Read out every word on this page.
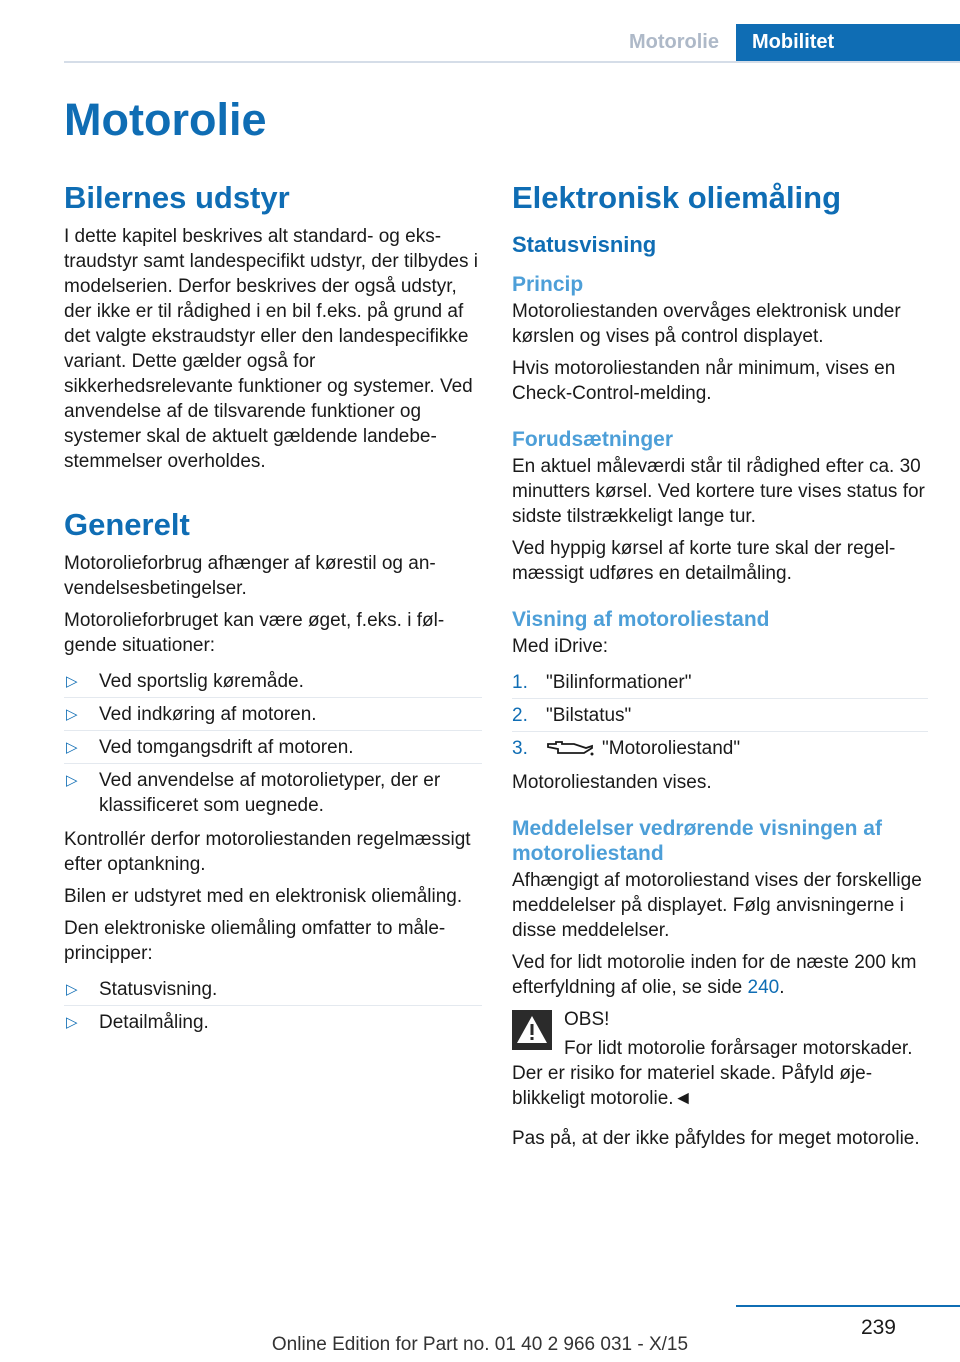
Motorolie	Mobilitet
Motorolie
Bilernes udstyr

I dette kapitel beskrives alt standard- og ekstraudstyr samt landespecifikt udstyr, der tilbydes i modelserien. Derfor beskrives der også udstyr, der ikke er til rådighed i en bil f.eks. på grund af det valgte ekstraudstyr eller den landespecifikke variant. Dette gælder også for sikkerhedsrelevante funktioner og systemer. Ved anvendelse af de tilsvarende funktioner og systemer skal de aktuelt gældende landebestemmelser overholdes.

Generelt

Motorolieforbrug afhænger af kørestil og anvendelsesbetingelser.

Motorolieforbruget kan være øget, f.eks. i følgende situationer:

▷ Ved sportslig køremåde.
▷ Ved indkøring af motoren.
▷ Ved tomgangsdrift af motoren.
▷ Ved anvendelse af motorolietyper, der er klassificeret som uegnede.

Kontrollér derfor motoroliestanden regelmæssigt efter optankning.

Bilen er udstyret med en elektronisk oliemåling.

Den elektroniske oliemåling omfatter to måleprincipper:

▷ Statusvisning.
▷ Detailmåling.
Elektronisk oliemåling
Statusvisning
Princip

Motoroliestanden overvåges elektronisk under kørslen og vises på control displayet.

Hvis motoroliestanden når minimum, vises en Check-Control-melding.

Forudsætninger

En aktuel måleværdi står til rådighed efter ca. 30 minutters kørsel. Ved kortere ture vises status for sidste tilstrækkeligt lange tur.

Ved hyppig kørsel af korte ture skal der regelmæssigt udføres en detailmåling.

Visning af motoroliestand

Med iDrive:

1. "Bilinformationer"
2. "Bilstatus"
3.	"Motoroliestand"

Motoroliestanden vises.

Meddelelser vedrørende visningen af motoroliestand

Afhængigt af motoroliestand vises der forskellige meddelelser på displayet. Følg anvisningerne i disse meddelelser.

Ved for lidt motorolie inden for de næste 200 km efterfyldning af olie, se side 240.

OBS!

For lidt motorolie forårsager motorskader. Der er risiko for materiel skade. Påfyld øjeblikkeligt motorolie.◄

Pas på, at der ikke påfyldes for meget motorolie.

239
Online Edition for Part no. 01 40 2 966 031 - X/15
